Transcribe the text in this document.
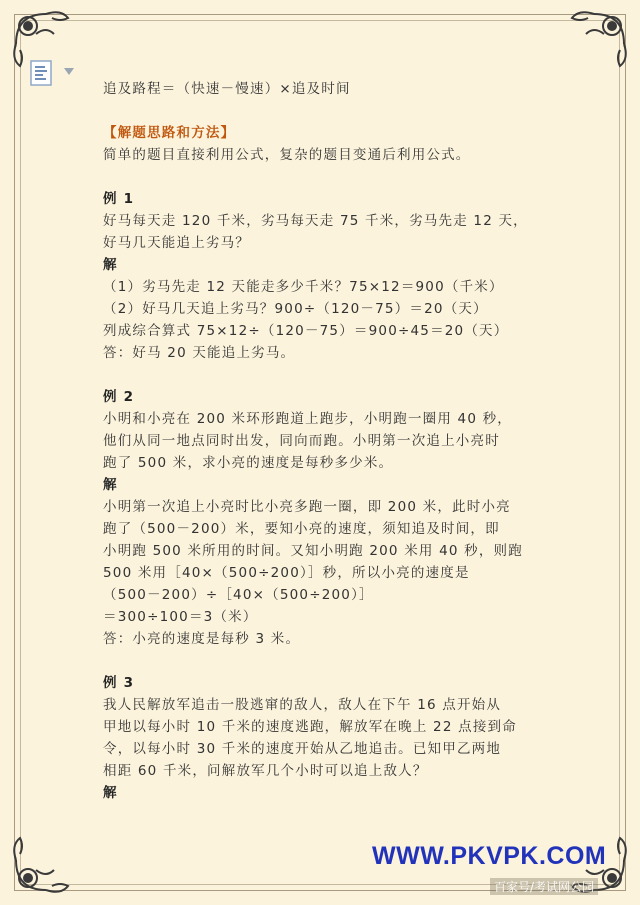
追及路程＝（快速－慢速）×追及时间
【解题思路和方法】
简单的题目直接利用公式，复杂的题目变通后利用公式。
例 1
好马每天走 120 千米，劣马每天走 75 千米，劣马先走 12 天，
好马几天能追上劣马？
解
（1）劣马先走 12 天能走多少千米？75×12＝900（千米）
（2）好马几天追上劣马？900÷（120－75）＝20（天）
列成综合算式 75×12÷（120－75）＝900÷45＝20（天）
答：好马 20 天能追上劣马。
例 2
小明和小亮在 200 米环形跑道上跑步，小明跑一圈用 40 秒，
他们从同一地点同时出发，同向而跑。小明第一次追上小亮时
跑了 500 米，求小亮的速度是每秒多少米。
解
小明第一次追上小亮时比小亮多跑一圈，即 200 米，此时小亮
跑了（500－200）米，要知小亮的速度，须知追及时间，即
小明跑 500 米所用的时间。又知小明跑 200 米用 40 秒，则跑
500 米用［40×（500÷200）］秒，所以小亮的速度是
（500－200）÷［40×（500÷200）］
＝300÷100＝3（米）
答：小亮的速度是每秒 3 米。
例 3
我人民解放军追击一股逃窜的敌人，敌人在下午 16 点开始从
甲地以每小时 10 千米的速度逃跑，解放军在晚上 22 点接到命
令，以每小时 30 千米的速度开始从乙地追击。已知甲乙两地
相距 60 千米，问解放军几个小时可以追上敌人？
解
WWW.PKVPK.COM
百家号/考试网公园
